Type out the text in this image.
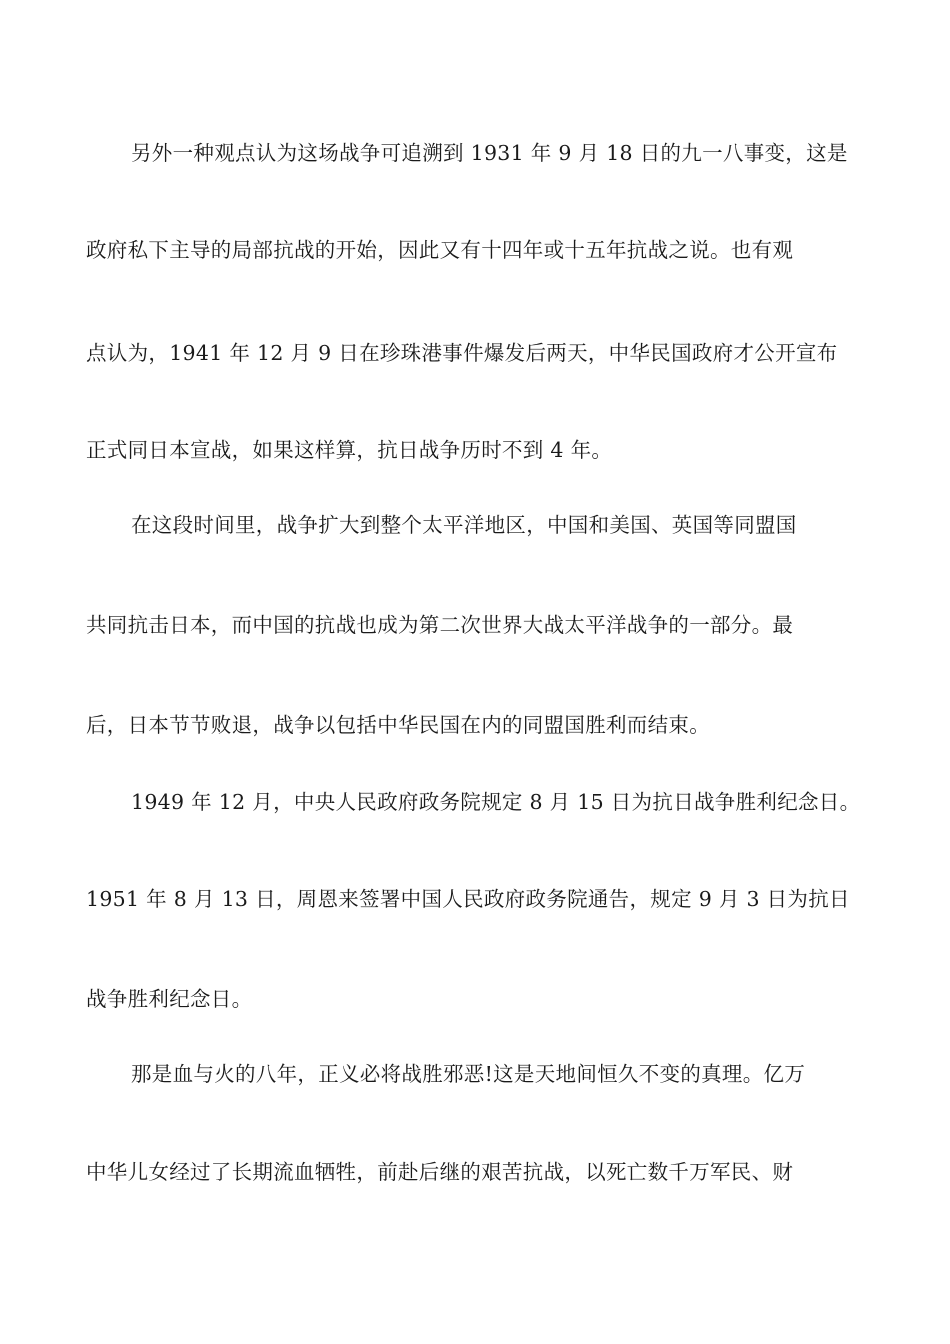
另外一种观点认为这场战争可追溯到 1931 年 9 月 18 日的九一八事变，这是
政府私下主导的局部抗战的开始，因此又有十四年或十五年抗战之说。也有观
点认为，1941 年 12 月 9 日在珍珠港事件爆发后两天，中华民国政府才公开宣布
正式同日本宣战，如果这样算，抗日战争历时不到 4 年。
在这段时间里，战争扩大到整个太平洋地区，中国和美国、英国等同盟国
共同抗击日本，而中国的抗战也成为第二次世界大战太平洋战争的一部分。最
后，日本节节败退，战争以包括中华民国在内的同盟国胜利而结束。
1949 年 12 月，中央人民政府政务院规定 8 月 15 日为抗日战争胜利纪念日。
1951 年 8 月 13 日，周恩来签署中国人民政府政务院通告，规定 9 月 3 日为抗日
战争胜利纪念日。
那是血与火的八年，正义必将战胜邪恶!这是天地间恒久不变的真理。亿万
中华儿女经过了长期流血牺牲，前赴后继的艰苦抗战，以死亡数千万军民、财
